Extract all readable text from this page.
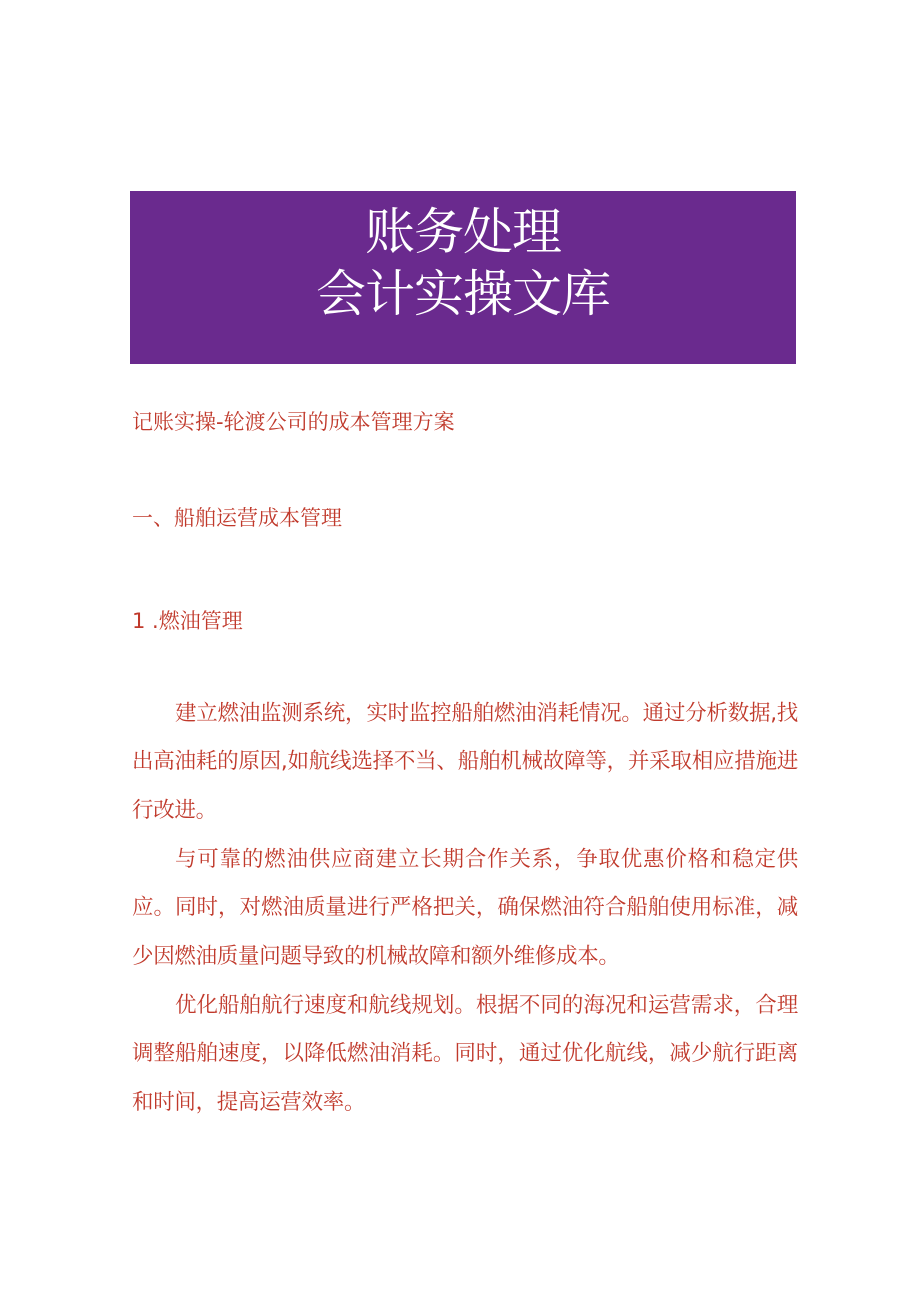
账务处理
会计实操文库
记账实操-轮渡公司的成本管理方案
一、船舶运营成本管理
1 .燃油管理

建立燃油监测系统，实时监控船舶燃油消耗情况。通过分析数据,找出高油耗的原因,如航线选择不当、船舶机械故障等，并采取相应措施进行改进。

与可靠的燃油供应商建立长期合作关系，争取优惠价格和稳定供应。同时，对燃油质量进行严格把关，确保燃油符合船舶使用标准，减少因燃油质量问题导致的机械故障和额外维修成本。

优化船舶航行速度和航线规划。根据不同的海况和运营需求，合理调整船舶速度，以降低燃油消耗。同时，通过优化航线，减少航行距离和时间，提高运营效率。
